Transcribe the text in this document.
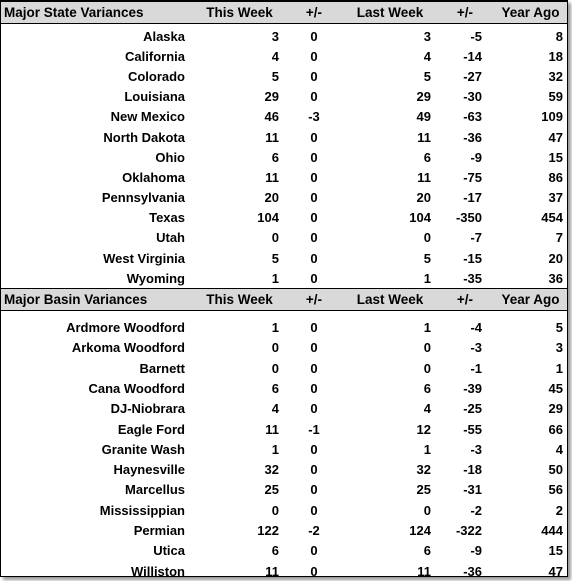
Major State Variances	This Week	+/-	Last Week	+/-	Year Ago

Alaska	3	0	3	-5	8
California	4	0	4	-14	18
Colorado	5	0	5	-27	32
Louisiana	29	0	29	-30	59
New Mexico	46	-3	49	-63	109
North Dakota	11	0	11	-36	47
Ohio	6	0	6	-9	15
Oklahoma	11	0	11	-75	86
Pennsylvania	20	0	20	-17	37
Texas	104	0	104	-350	454
Utah	0	0	0	-7	7
West Virginia	5	0	5	-15	20
Wyoming	1	0	1	-35	36
Major Basin Variances	This Week	+/-	Last Week	+/-	Year Ago

Ardmore Woodford	1	0	1	-4	5
Arkoma Woodford	0	0	0	-3	3
Barnett	0	0	0	-1	1
Cana Woodford	6	0	6	-39	45
DJ-Niobrara	4	0	4	-25	29
Eagle Ford	11	-1	12	-55	66
Granite Wash	1	0	1	-3	4
Haynesville	32	0	32	-18	50
Marcellus	25	0	25	-31	56
Mississippian	0	0	0	-2	2
Permian	122	-2	124	-322	444
Utica	6	0	6	-9	15
Williston	11	0	11	-36	47
